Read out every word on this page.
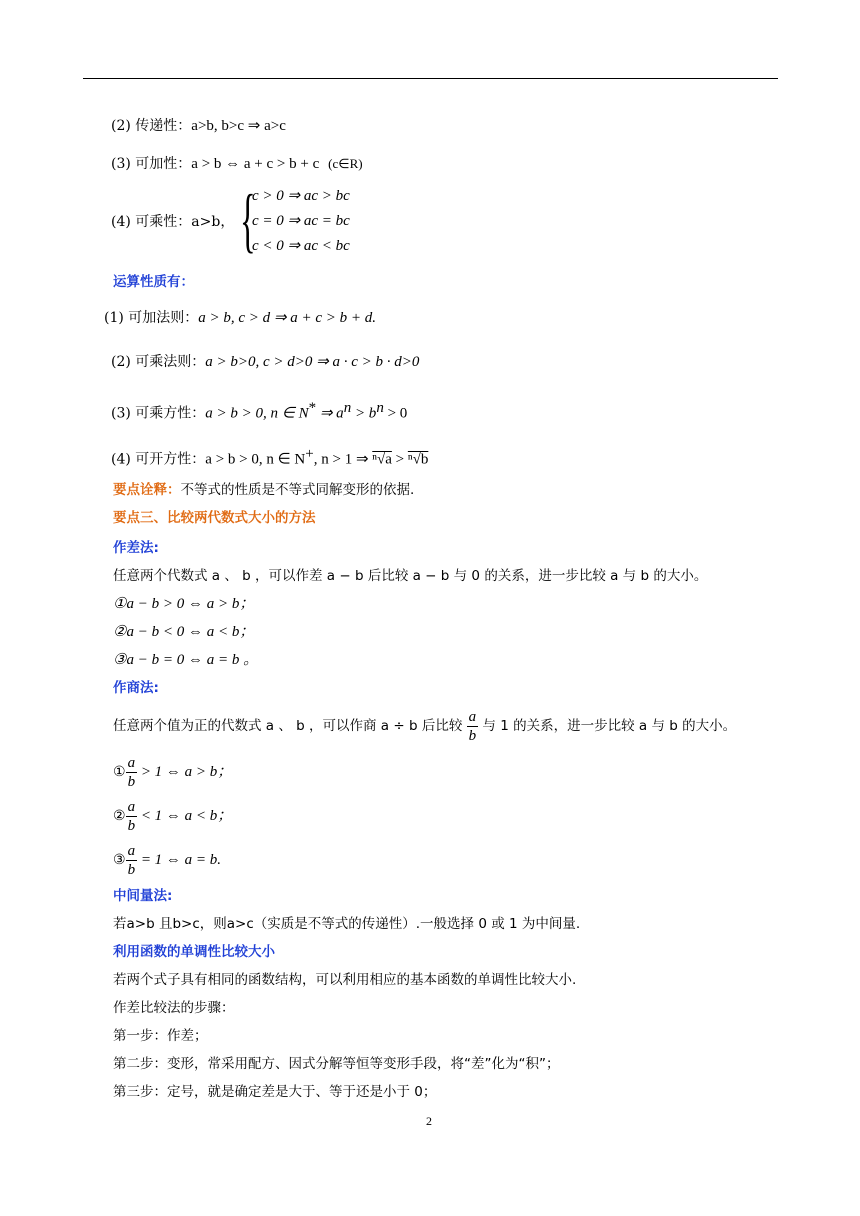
(2) 传递性：a>b, b>c ⇒ a>c
(3) 可加性：a > b ⇔ a + c > b + c (c∈R)
(4) 可乘性：a>b， {
c > 0 ⇒ ac > bc
c = 0 ⇒ ac = bc
c < 0 ⇒ ac < bc
运算性质有：
(1) 可加法则：a > b, c > d ⇒ a + c > b + d.
(2) 可乘法则：a > b>0, c > d>0 ⇒ a · c > b · d>0
(3) 可乘方性：a > b > 0, n ∈ N* ⇒ $a^n > b^n > 0$
(4) 可开方性：a > b > 0, n ∈ N+, n > 1 ⇒ ⁿ√a > ⁿ√b
要点诠释：不等式的性质是不等式同解变形的依据.
要点三、比较两代数式大小的方法
作差法:
任意两个代数式 a 、 b ，可以作差 a − b 后比较 a − b 与 0 的关系，进一步比较 a 与 b 的大小。
①a − b > 0 ⇔ a > b；
②a − b < 0 ⇔ a < b；
③a − b = 0 ⇔ a = b 。
作商法:
任意两个值为正的代数式 a 、 b ，可以作商 a ÷ b 后比较 $\frac{a}{b}$ 与 1 的关系，进一步比较 a 与 b 的大小。
① $\frac{a}{b} > 1$ ⇔ a > b；
② $\frac{a}{b} < 1$ ⇔ a < b；
③ $\frac{a}{b} = 1$ ⇔ a = b.
中间量法:
若a>b 且b>c，则a>c（实质是不等式的传递性）.一般选择 0 或 1 为中间量.
利用函数的单调性比较大小
若两个式子具有相同的函数结构，可以利用相应的基本函数的单调性比较大小.
作差比较法的步骤：
第一步：作差；
第二步：变形，常采用配方、因式分解等恒等变形手段，将“差”化为“积”；
第三步：定号，就是确定差是大于、等于还是小于 0；
2
